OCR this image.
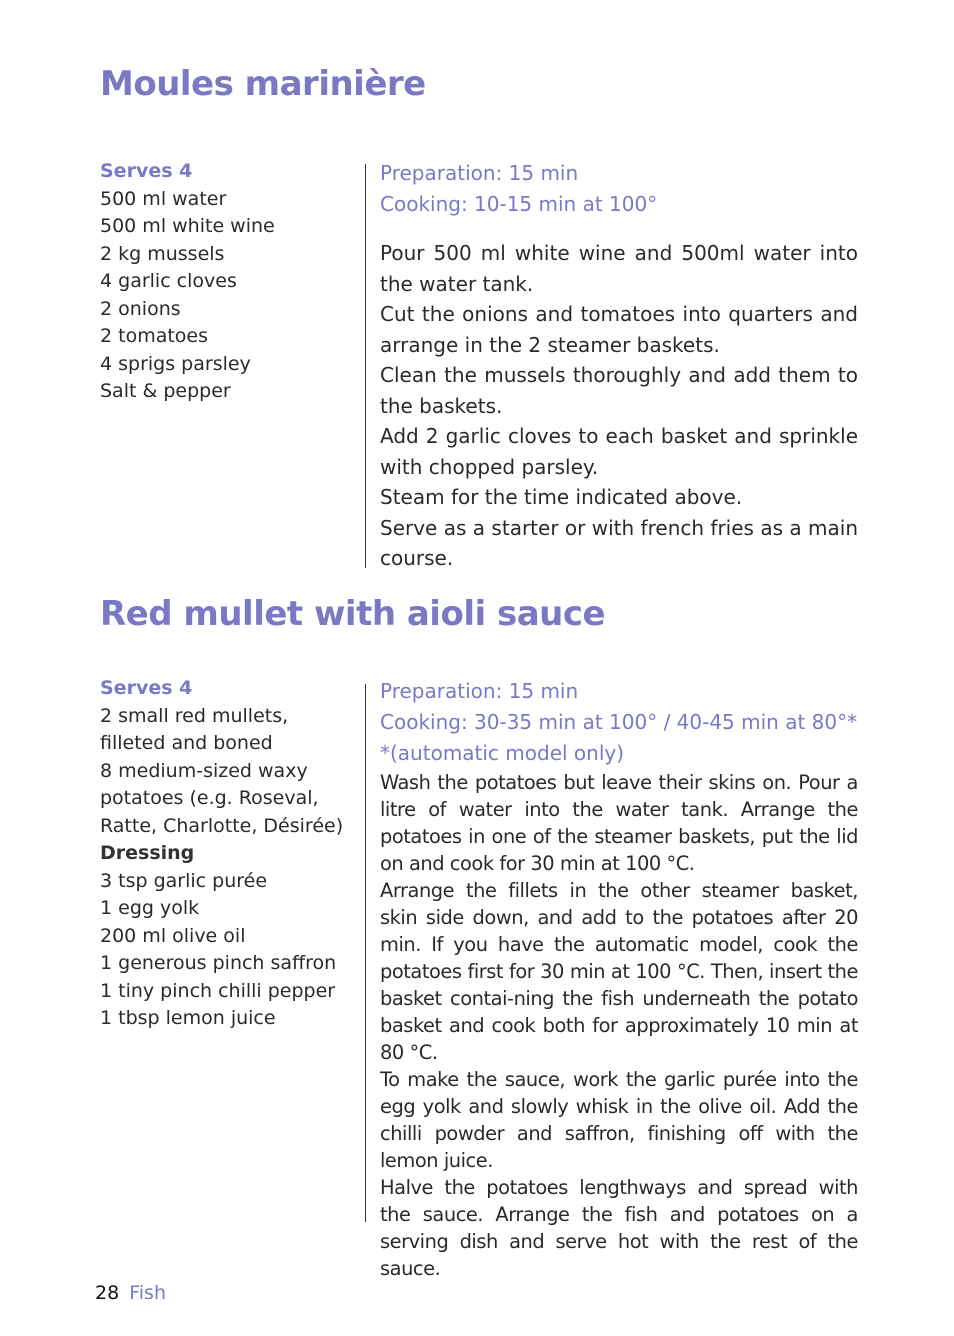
Moules marinière
Serves 4
500 ml water
500 ml white wine
2 kg mussels
4 garlic cloves
2 onions
2 tomatoes
4 sprigs parsley
Salt & pepper
Preparation: 15 min
Cooking: 10-15 min at 100°

Pour 500 ml white wine and 500ml water into the water tank.

Cut the onions and tomatoes into quarters and arrange in the 2 steamer baskets.

Clean the mussels thoroughly and add them to the baskets.

Add 2 garlic cloves to each basket and sprinkle with chopped parsley.

Steam for the time indicated above.

Serve as a starter or with french fries as a main course.

Red mullet with aioli sauce
Serves 4
2 small red mullets, filleted and boned
8 medium-sized waxy potatoes (e.g. Roseval, Ratte, Charlotte, Désirée)
Dressing
3 tsp garlic purée
1 egg yolk
200 ml olive oil
1 generous pinch saffron
1 tiny pinch chilli pepper
1 tbsp lemon juice
Preparation: 15 min
Cooking: 30-35 min at 100° / 40-45 min at 80°*
*(automatic model only)

Wash the potatoes but leave their skins on. Pour a litre of water into the water tank. Arrange the potatoes in one of the steamer baskets, put the lid on and cook for 30 min at 100 °C.

Arrange the fillets in the other steamer basket, skin side down, and add to the potatoes after 20 min. If you have the automatic model, cook the potatoes first for 30 min at 100 °C. Then, insert the basket contai-ning the fish underneath the potato basket and cook both for approximately 10 min at 80 °C.

To make the sauce, work the garlic purée into the egg yolk and slowly whisk in the olive oil. Add the chilli powder and saffron, finishing off with the lemon juice.

Halve the potatoes lengthways and spread with the sauce. Arrange the fish and potatoes on a serving dish and serve hot with the rest of the sauce.

28 Fish
